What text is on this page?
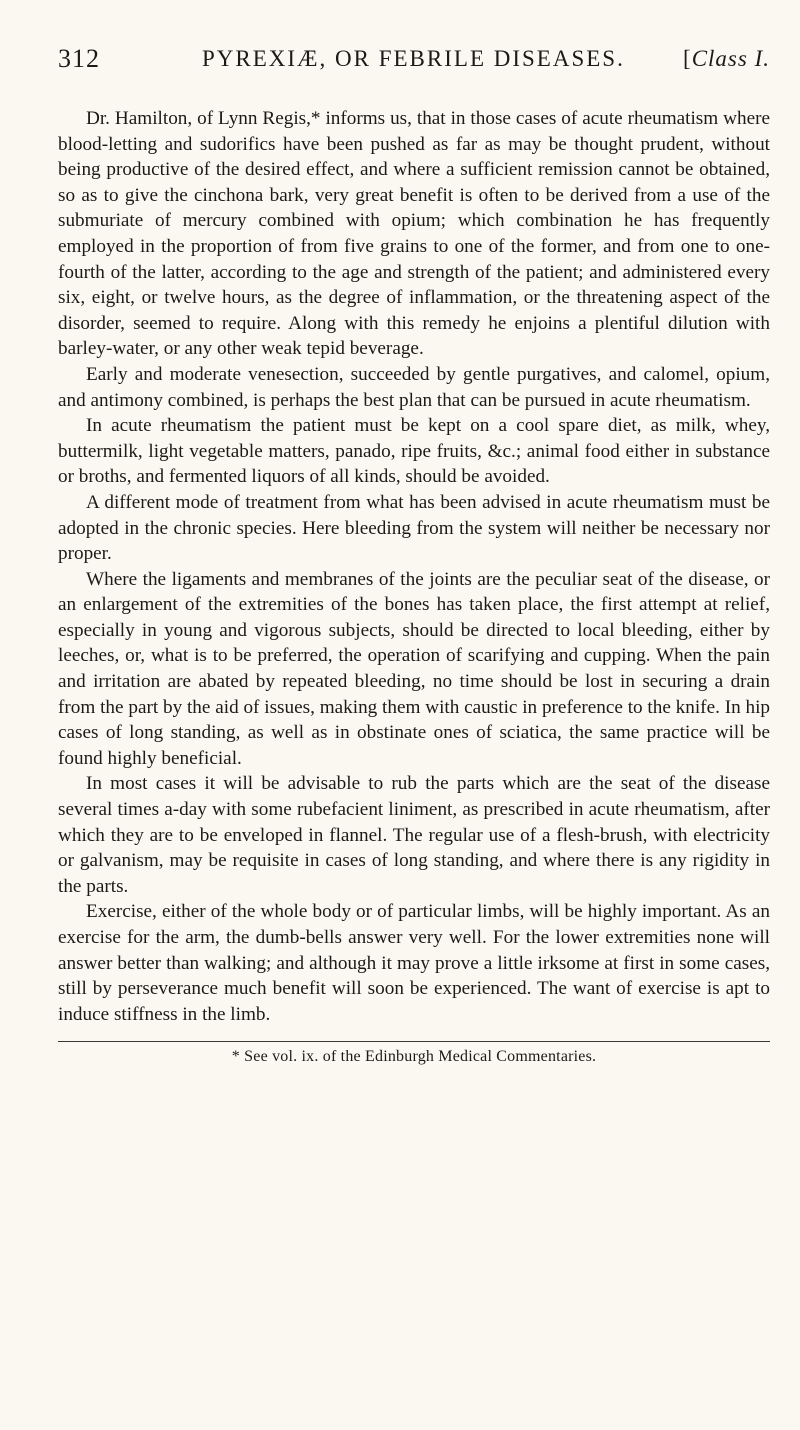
312	PYREXIÆ, OR FEBRILE DISEASES.	[Class I.

Dr. Hamilton, of Lynn Regis,* informs us, that in those cases of acute rheumatism where blood-letting and sudorifics have been pushed as far as may be thought prudent, without being productive of the desired effect, and where a sufficient remission cannot be obtained, so as to give the cinchona bark, very great benefit is often to be derived from a use of the submuriate of mercury combined with opium; which combination he has frequently employed in the proportion of from five grains to one of the former, and from one to one-fourth of the latter, according to the age and strength of the patient; and administered every six, eight, or twelve hours, as the degree of inflammation, or the threatening aspect of the disorder, seemed to require. Along with this remedy he enjoins a plentiful dilution with barley-water, or any other weak tepid beverage.

Early and moderate venesection, succeeded by gentle purgatives, and calomel, opium, and antimony combined, is perhaps the best plan that can be pursued in acute rheumatism.

In acute rheumatism the patient must be kept on a cool spare diet, as milk, whey, buttermilk, light vegetable matters, panado, ripe fruits, &c.; animal food either in substance or broths, and fermented liquors of all kinds, should be avoided.

A different mode of treatment from what has been advised in acute rheumatism must be adopted in the chronic species. Here bleeding from the system will neither be necessary nor proper.

Where the ligaments and membranes of the joints are the peculiar seat of the disease, or an enlargement of the extremities of the bones has taken place, the first attempt at relief, especially in young and vigorous subjects, should be directed to local bleeding, either by leeches, or, what is to be preferred, the operation of scarifying and cupping. When the pain and irritation are abated by repeated bleeding, no time should be lost in securing a drain from the part by the aid of issues, making them with caustic in preference to the knife. In hip cases of long standing, as well as in obstinate ones of sciatica, the same practice will be found highly beneficial.

In most cases it will be advisable to rub the parts which are the seat of the disease several times a-day with some rubefacient liniment, as prescribed in acute rheumatism, after which they are to be enveloped in flannel. The regular use of a flesh-brush, with electricity or galvanism, may be requisite in cases of long standing, and where there is any rigidity in the parts.

Exercise, either of the whole body or of particular limbs, will be highly important. As an exercise for the arm, the dumb-bells answer very well. For the lower extremities none will answer better than walking; and although it may prove a little irksome at first in some cases, still by perseverance much benefit will soon be experienced. The want of exercise is apt to induce stiffness in the limb.

* See vol. ix. of the Edinburgh Medical Commentaries.
